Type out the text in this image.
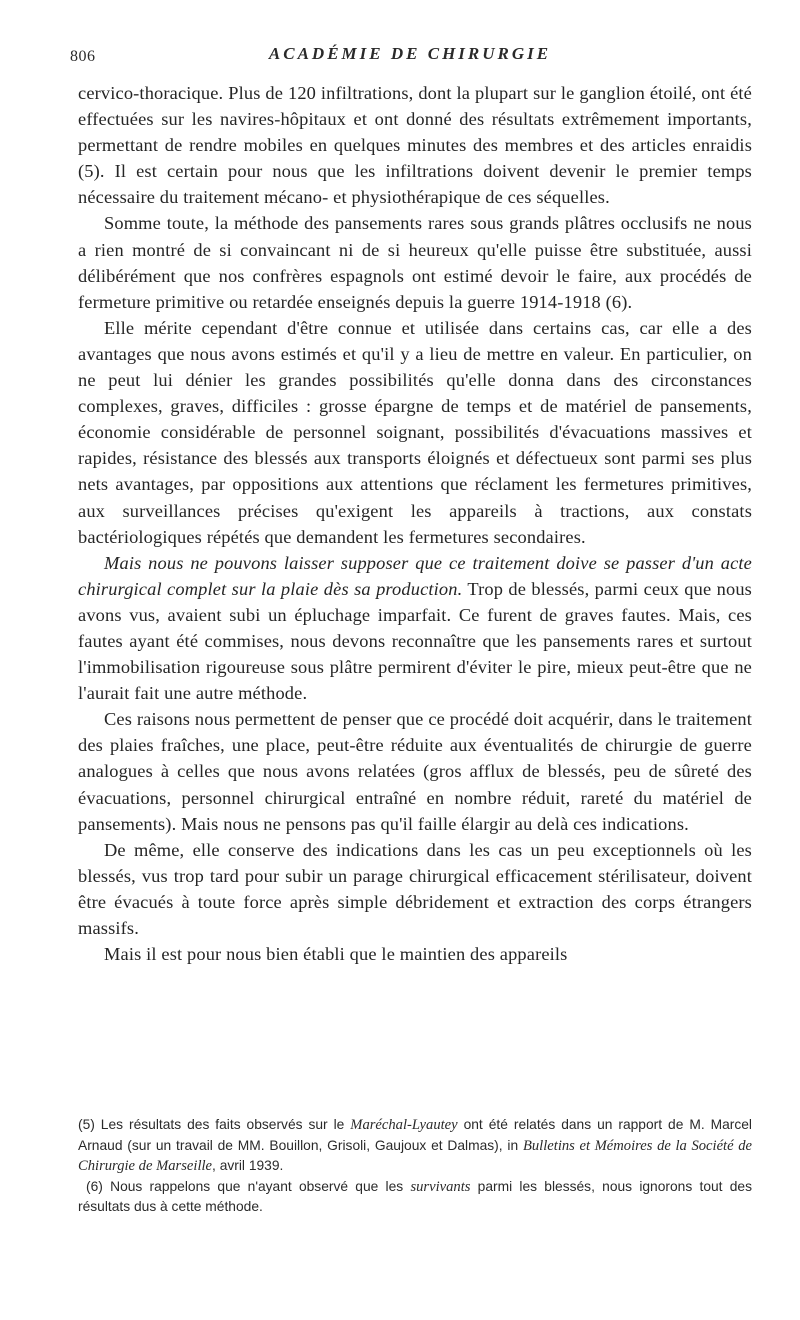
806	ACADÉMIE DE CHIRURGIE

cervico-thoracique. Plus de 120 infiltrations, dont la plupart sur le ganglion étoilé, ont été effectuées sur les navires-hôpitaux et ont donné des résultats extrêmement importants, permettant de rendre mobiles en quelques minutes des membres et des articles enraidis (5). Il est certain pour nous que les infiltrations doivent devenir le premier temps nécessaire du traitement mécano- et physiothérapique de ces séquelles.

Somme toute, la méthode des pansements rares sous grands plâtres occlusifs ne nous a rien montré de si convaincant ni de si heureux qu'elle puisse être substituée, aussi délibérément que nos confrères espagnols ont estimé devoir le faire, aux procédés de fermeture primitive ou retardée enseignés depuis la guerre 1914-1918 (6).

Elle mérite cependant d'être connue et utilisée dans certains cas, car elle a des avantages que nous avons estimés et qu'il y a lieu de mettre en valeur. En particulier, on ne peut lui dénier les grandes possibilités qu'elle donna dans des circonstances complexes, graves, difficiles : grosse épargne de temps et de matériel de pansements, économie considérable de personnel soignant, possibilités d'évacuations massives et rapides, résistance des blessés aux transports éloignés et défectueux sont parmi ses plus nets avantages, par oppositions aux attentions que réclament les fermetures primitives, aux surveillances précises qu'exigent les appareils à tractions, aux constats bactériologiques répétés que demandent les fermetures secondaires.

Mais nous ne pouvons laisser supposer que ce traitement doive se passer d'un acte chirurgical complet sur la plaie dès sa production. Trop de blessés, parmi ceux que nous avons vus, avaient subi un épluchage imparfait. Ce furent de graves fautes. Mais, ces fautes ayant été commises, nous devons reconnaître que les pansements rares et surtout l'immobilisation rigoureuse sous plâtre permirent d'éviter le pire, mieux peut-être que ne l'aurait fait une autre méthode.

Ces raisons nous permettent de penser que ce procédé doit acquérir, dans le traitement des plaies fraîches, une place, peut-être réduite aux éventualités de chirurgie de guerre analogues à celles que nous avons relatées (gros afflux de blessés, peu de sûreté des évacuations, personnel chirurgical entraîné en nombre réduit, rareté du matériel de pansements). Mais nous ne pensons pas qu'il faille élargir au delà ces indications.

De même, elle conserve des indications dans les cas un peu exceptionnels où les blessés, vus trop tard pour subir un parage chirurgical efficacement stérilisateur, doivent être évacués à toute force après simple débridement et extraction des corps étrangers massifs.

Mais il est pour nous bien établi que le maintien des appareils

(5) Les résultats des faits observés sur le Maréchal-Lyautey ont été relatés dans un rapport de M. Marcel Arnaud (sur un travail de MM. Bouillon, Grisoli, Gaujoux et Dalmas), in Bulletins et Mémoires de la Société de Chirurgie de Marseille, avril 1939.

(6) Nous rappelons que n'ayant observé que les survivants parmi les blessés, nous ignorons tout des résultats dus à cette méthode.
